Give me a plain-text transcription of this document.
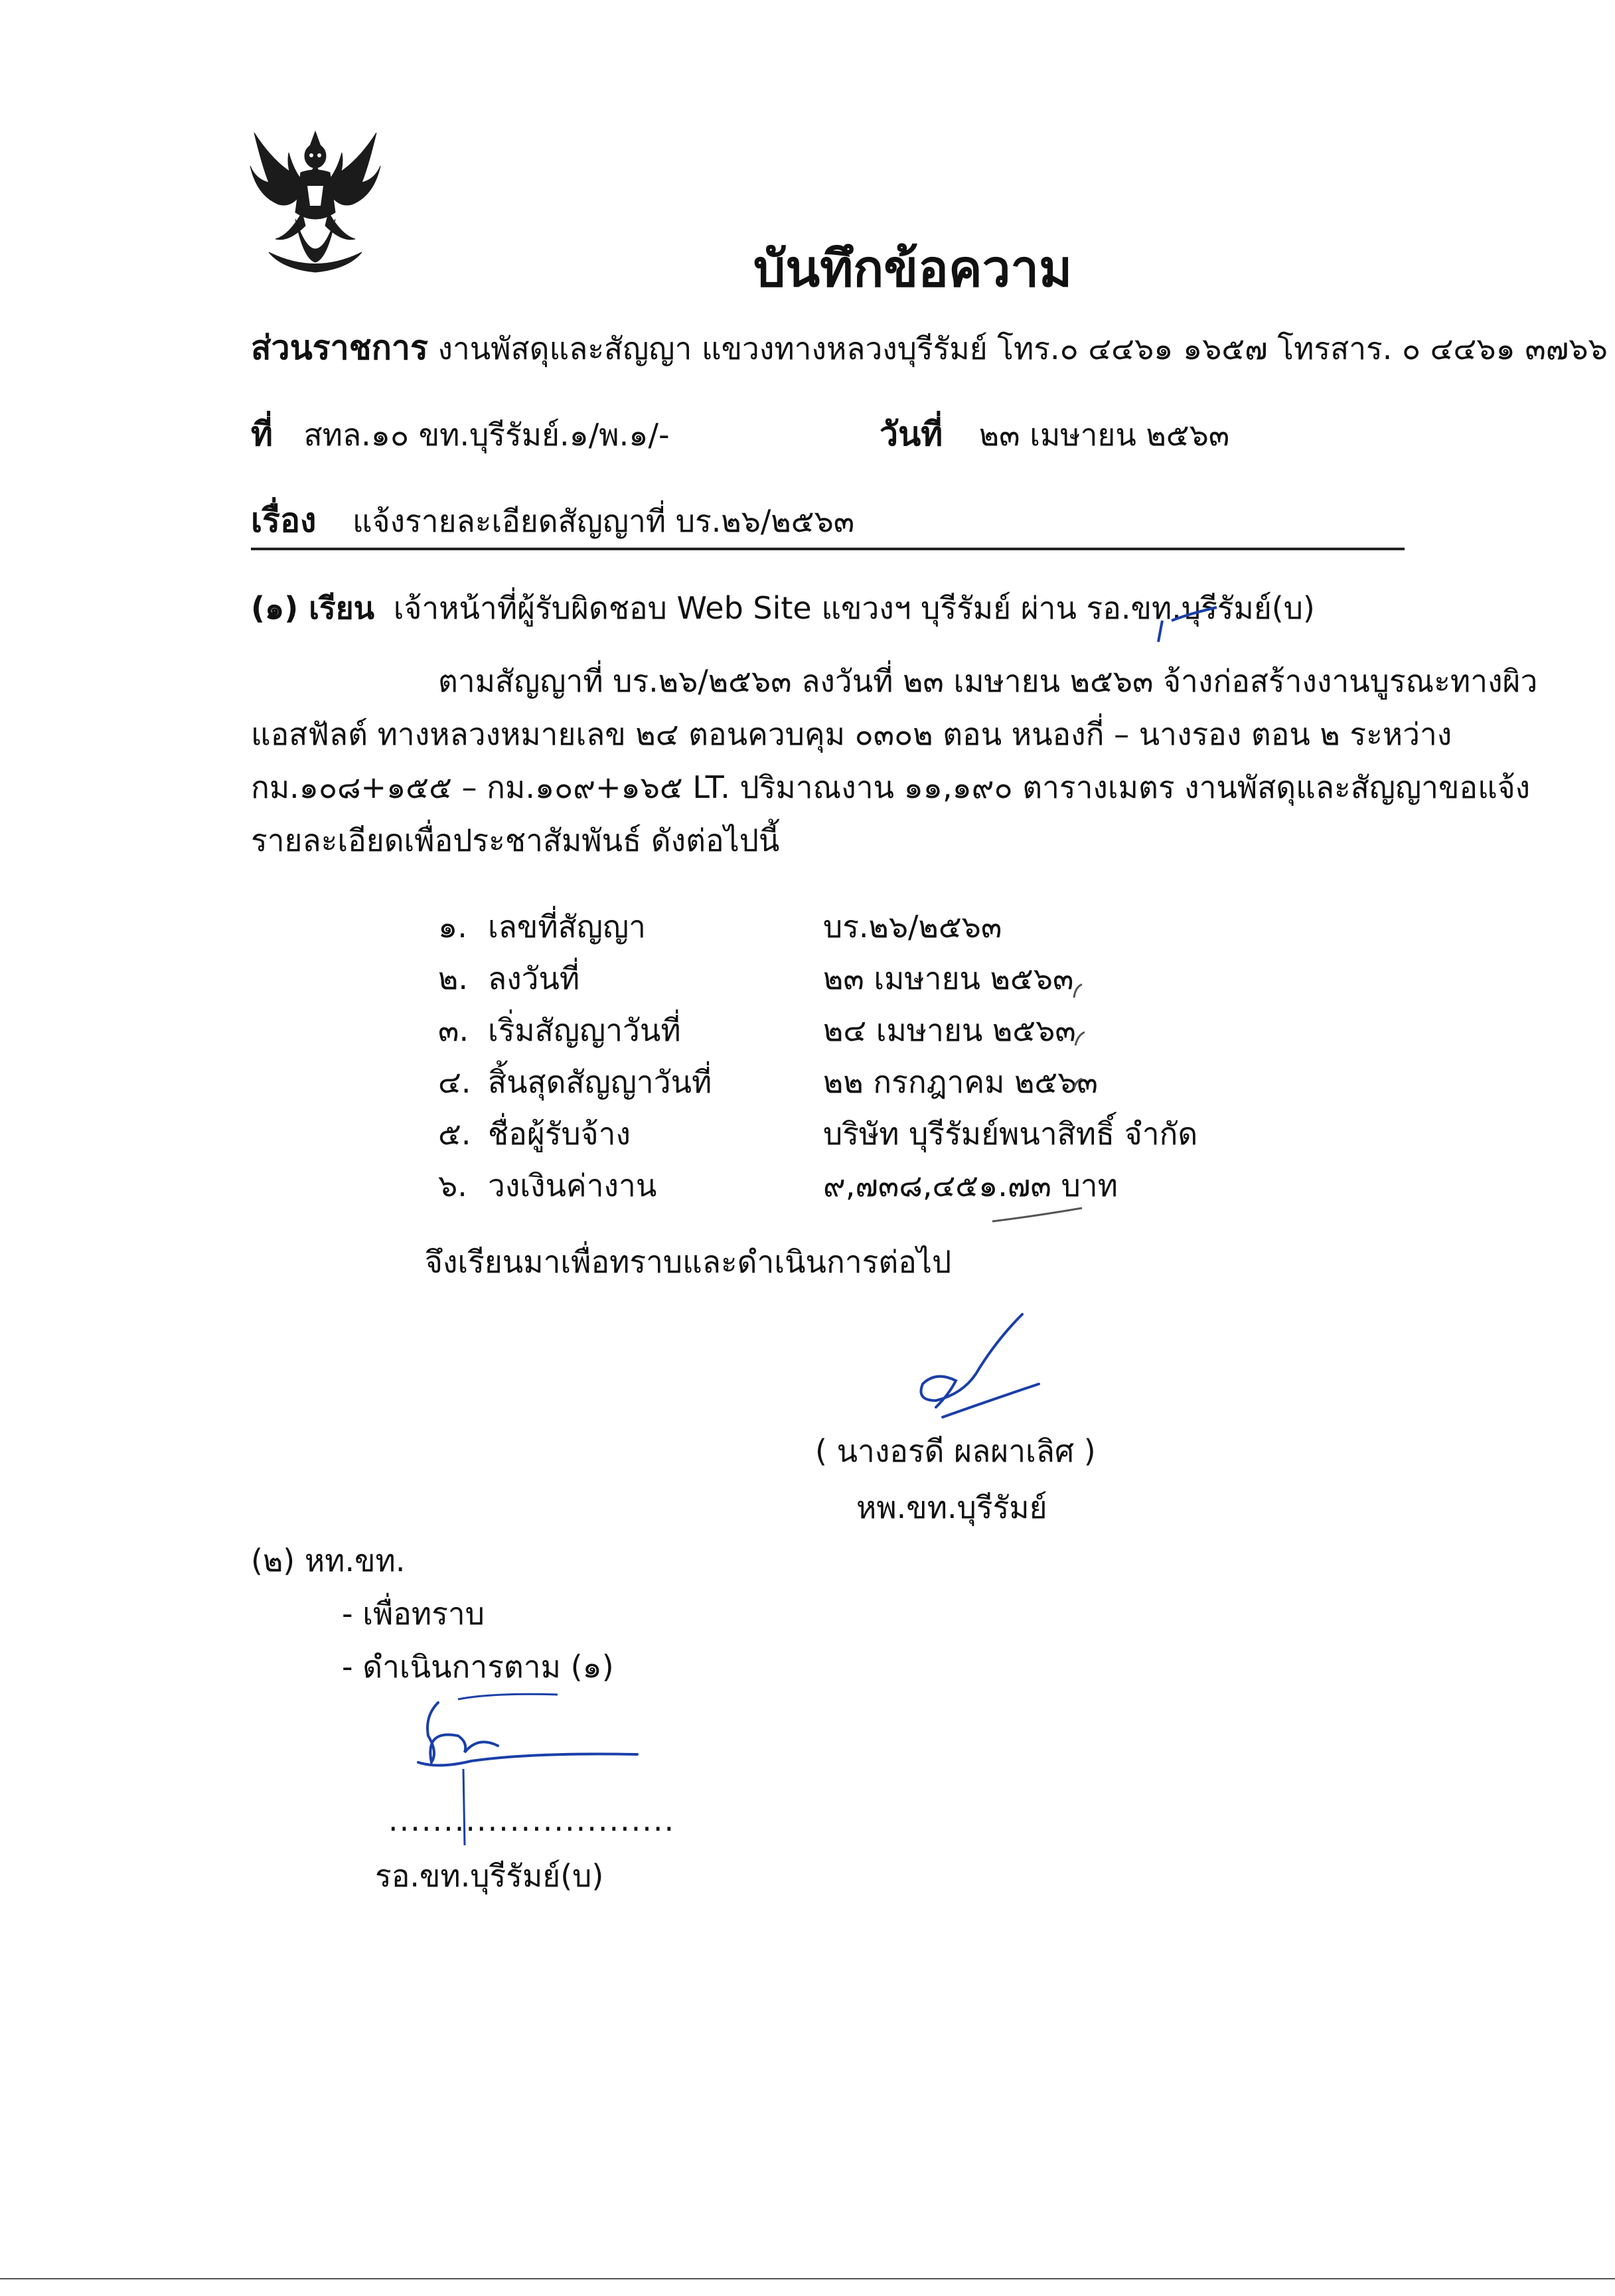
บันทึกข้อความ
ส่วนราชการ งานพัสดุและสัญญา แขวงทางหลวงบุรีรัมย์ โทร.๐ ๔๔๖๑ ๑๖๕๗ โทรสาร. ๐ ๔๔๖๑ ๓๗๖๖
ที่ สทล.๑๐ ขท.บุรีรัมย์.๑/พ.๑/-	วันที่ ๒๓ เมษายน ๒๕๖๓
เรื่อง แจ้งรายละเอียดสัญญาที่ บร.๒๖/๒๕๖๓
(๑) เรียน เจ้าหน้าที่ผู้รับผิดชอบ Web Site แขวงฯ บุรีรัมย์ ผ่าน รอ.ขท.บุรีรัมย์(บ)
ตามสัญญาที่ บร.๒๖/๒๕๖๓ ลงวันที่ ๒๓ เมษายน ๒๕๖๓ จ้างก่อสร้างงานบูรณะทางผิว
แอสฟัลต์ ทางหลวงหมายเลข ๒๔ ตอนควบคุม ๐๓๐๒ ตอน หนองกี่ – นางรอง ตอน ๒ ระหว่าง
กม.๑๐๘+๑๕๕ – กม.๑๐๙+๑๖๕ LT. ปริมาณงาน ๑๑,๑๙๐ ตารางเมตร งานพัสดุและสัญญาขอแจ้ง
รายละเอียดเพื่อประชาสัมพันธ์ ดังต่อไปนี้
๑. เลขที่สัญญา	บร.๒๖/๒๕๖๓
๒. ลงวันที่	๒๓ เมษายน ๒๕๖๓
๓. เริ่มสัญญาวันที่	๒๔ เมษายน ๒๕๖๓
๔. สิ้นสุดสัญญาวันที่	๒๒ กรกฎาคม ๒๕๖๓
๕. ชื่อผู้รับจ้าง	บริษัท บุรีรัมย์พนาสิทธิ์ จำกัด
๖. วงเงินค่างาน	๙,๗๓๘,๔๕๑.๗๓ บาท
จึงเรียนมาเพื่อทราบและดำเนินการต่อไป
( นางอรดี ผลผาเลิศ )
หพ.ขท.บุรีรัมย์
(๒) หท.ขท.
- เพื่อทราบ
- ดำเนินการตาม (๑)
..........................
รอ.ขท.บุรีรัมย์(บ)
